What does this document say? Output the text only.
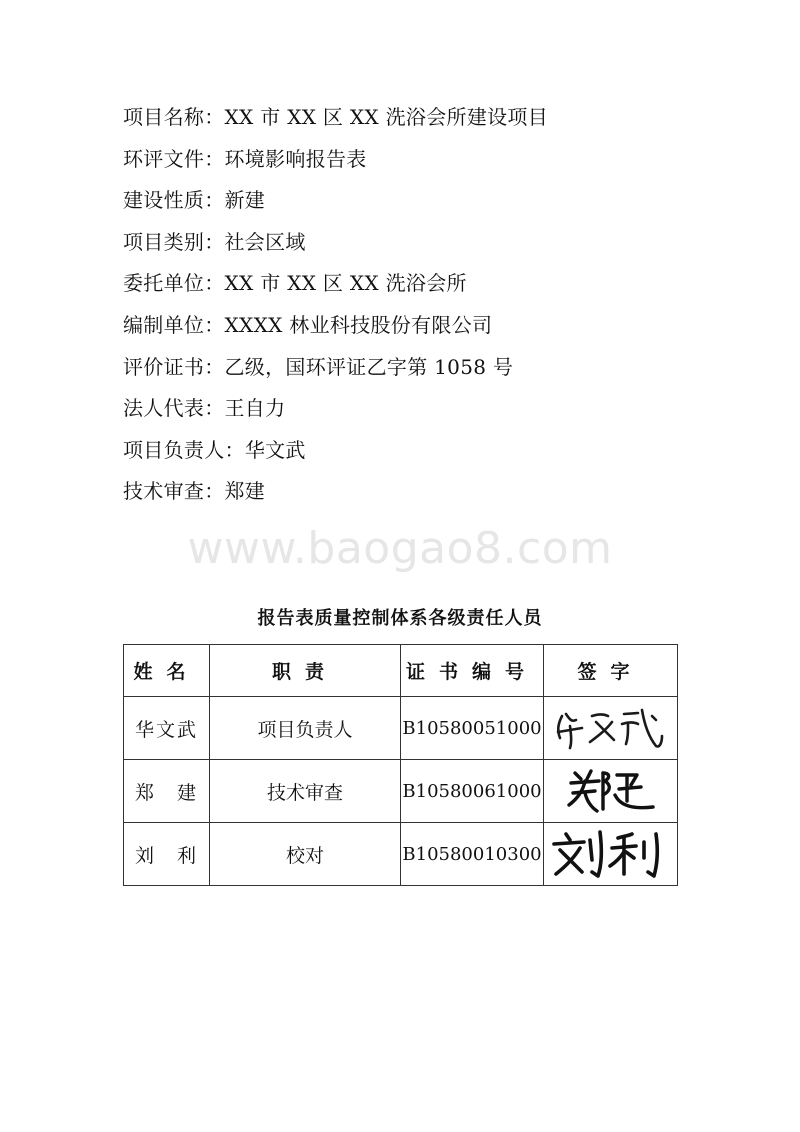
项目名称：XX 市 XX 区 XX 洗浴会所建设项目
环评文件：环境影响报告表
建设性质：新建
项目类别：社会区域
委托单位：XX 市 XX 区 XX 洗浴会所
编制单位：XXXX 林业科技股份有限公司
评价证书：乙级，国环评证乙字第 1058 号
法人代表：王自力
项目负责人：华文武
技术审查：郑建
www.baogao8.com
报告表质量控制体系各级责任人员
姓名	职责	证书编号	签字
华文武	项目负责人	B10580051000	

郑　建	技术审查	B10580061000	

刘　利	校对	B10580010300	
